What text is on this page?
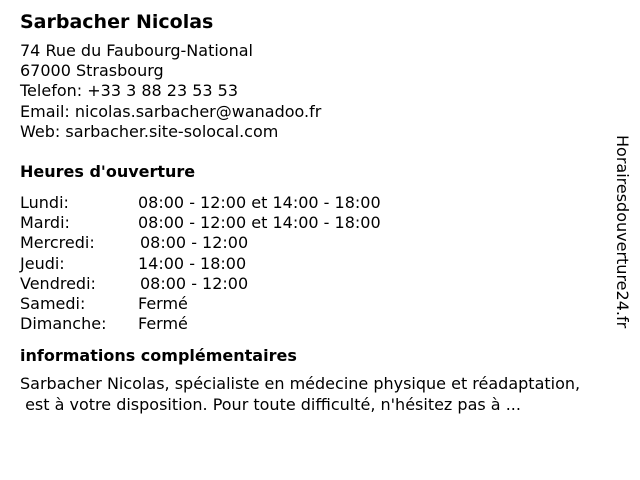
Sarbacher Nicolas
74 Rue du Faubourg-National
67000 Strasbourg
Telefon: +33 3 88 23 53 53
Email: nicolas.sarbacher@wanadoo.fr
Web: sarbacher.site-solocal.com
Heures d'ouverture
Lundi:	08:00 - 12:00 et 14:00 - 18:00
Mardi:	08:00 - 12:00 et 14:00 - 18:00
Mercredi:	08:00 - 12:00
Jeudi:	14:00 - 18:00
Vendredi:	08:00 - 12:00
Samedi:	Fermé
Dimanche:	Fermé
informations complémentaires
Sarbacher Nicolas, spécialiste en médecine physique et réadaptation,
est à votre disposition. Pour toute difficulté, n'hésitez pas à ...
Horairesdouverture24.fr
